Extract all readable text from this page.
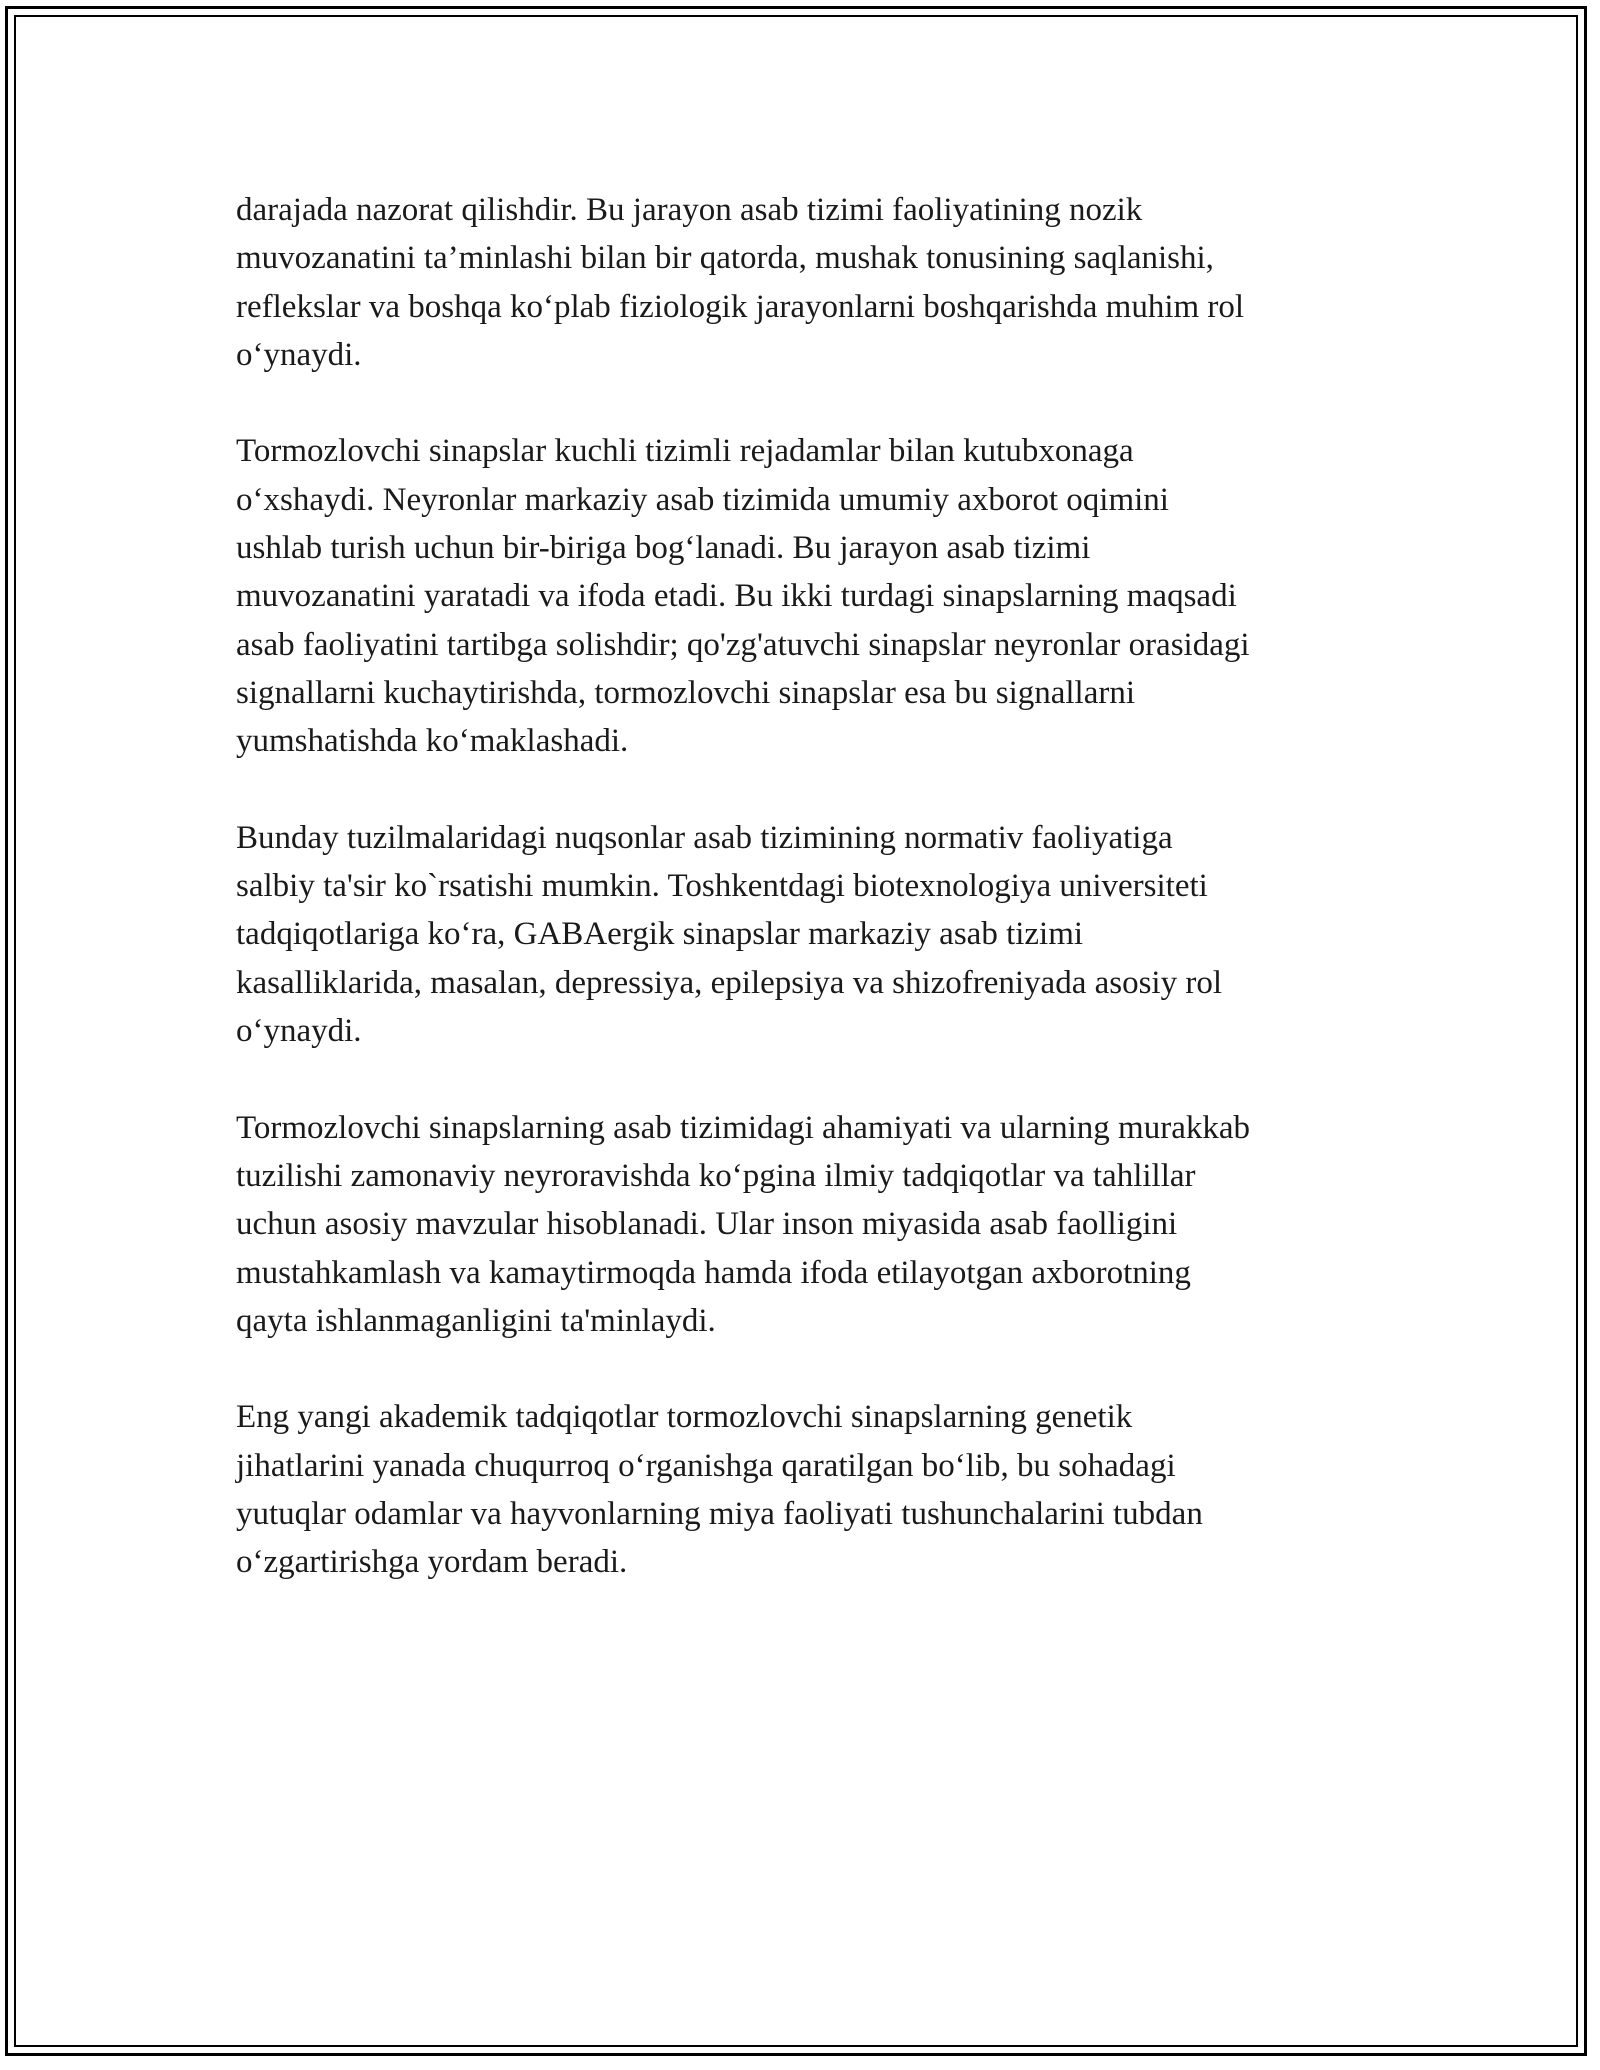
darajada nazorat qilishdir. Bu jarayon asab tizimi faoliyatining nozik
muvozanatini ta’minlashi bilan bir qatorda, mushak tonusining saqlanishi,
reflekslar va boshqa ko‘plab fiziologik jarayonlarni boshqarishda muhim rol
o‘ynaydi.

Tormozlovchi sinapslar kuchli tizimli rejadamlar bilan kutubxonaga
o‘xshaydi. Neyronlar markaziy asab tizimida umumiy axborot oqimini
ushlab turish uchun bir-biriga bog‘lanadi. Bu jarayon asab tizimi
muvozanatini yaratadi va ifoda etadi. Bu ikki turdagi sinapslarning maqsadi
asab faoliyatini tartibga solishdir; qo'zg'atuvchi sinapslar neyronlar orasidagi
signallarni kuchaytirishda, tormozlovchi sinapslar esa bu signallarni
yumshatishda ko‘maklashadi.

Bunday tuzilmalaridagi nuqsonlar asab tizimining normativ faoliyatiga
salbiy ta'sir ko`rsatishi mumkin. Toshkentdagi biotexnologiya universiteti
tadqiqotlariga ko‘ra, GABAergik sinapslar markaziy asab tizimi
kasalliklarida, masalan, depressiya, epilepsiya va shizofreniyada asosiy rol
o‘ynaydi.

Tormozlovchi sinapslarning asab tizimidagi ahamiyati va ularning murakkab
tuzilishi zamonaviy neyroravishda ko‘pgina ilmiy tadqiqotlar va tahlillar
uchun asosiy mavzular hisoblanadi. Ular inson miyasida asab faolligini
mustahkamlash va kamaytirmoqda hamda ifoda etilayotgan axborotning
qayta ishlanmaganligini ta'minlaydi.

Eng yangi akademik tadqiqotlar tormozlovchi sinapslarning genetik
jihatlarini yanada chuqurroq o‘rganishga qaratilgan bo‘lib, bu sohadagi
yutuqlar odamlar va hayvonlarning miya faoliyati tushunchalarini tubdan
o‘zgartirishga yordam beradi.
